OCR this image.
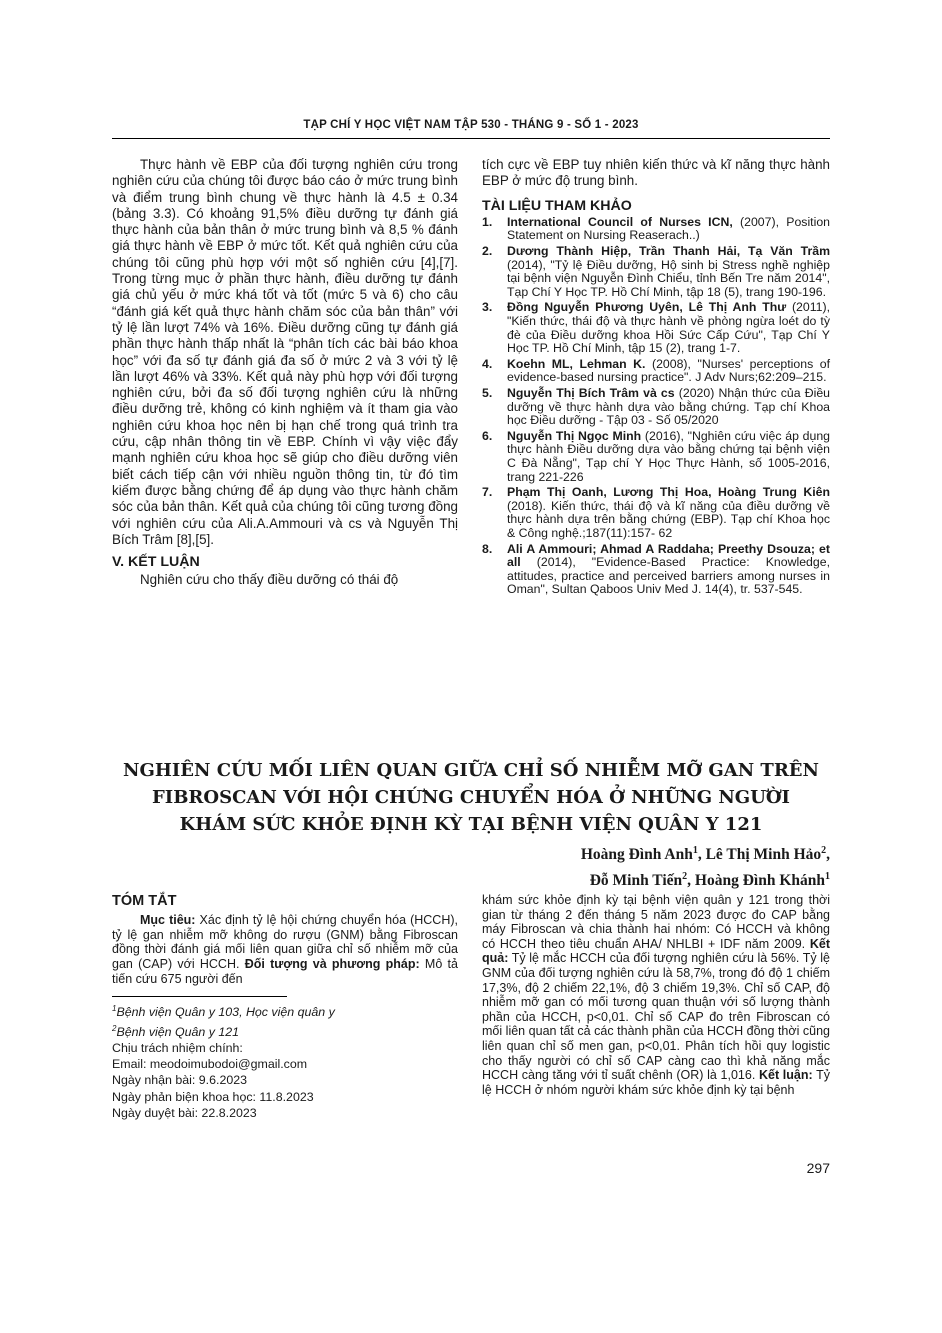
TẠP CHÍ Y HỌC VIỆT NAM TẬP 530 - THÁNG 9 - SỐ 1 - 2023

Thực hành về EBP của đối tượng nghiên cứu trong nghiên cứu của chúng tôi được báo cáo ở mức trung bình và điểm trung bình chung về thực hành là 4.5 ± 0.34 (bảng 3.3). Có khoảng 91,5% điều dưỡng tự đánh giá thực hành của bản thân ở mức trung bình và 8,5 % đánh giá thực hành về EBP ở mức tốt. Kết quả nghiên cứu của chúng tôi cũng phù hợp với một số nghiên cứu [4],[7]. Trong từng mục ở phần thực hành, điều dưỡng tự đánh giá chủ yếu ở mức khá tốt và tốt (mức 5 và 6) cho câu “đánh giá kết quả thực hành chăm sóc của bản thân” với tỷ lệ lần lượt 74% và 16%. Điều dưỡng cũng tự đánh giá phần thực hành thấp nhất là “phân tích các bài báo khoa học” với đa số tự đánh giá đa số ở mức 2 và 3 với tỷ lệ lần lượt 46% và 33%. Kết quả này phù hợp với đối tượng nghiên cứu, bởi đa số đối tượng nghiên cứu là những điều dưỡng trẻ, không có kinh nghiệm và ít tham gia vào nghiên cứu khoa học nên bị hạn chế trong quá trình tra cứu, cập nhân thông tin về EBP. Chính vì vậy việc đẩy mạnh nghiên cứu khoa học sẽ giúp cho điều dưỡng viên biết cách tiếp cận với nhiều nguồn thông tin, từ đó tìm kiếm được bằng chứng để áp dụng vào thực hành chăm sóc của bản thân. Kết quả của chúng tôi cũng tương đồng với nghiên cứu của Ali.A.Ammouri và cs và Nguyễn Thị Bích Trâm [8],[5].

V. KẾT LUẬN

Nghiên cứu cho thấy điều dưỡng có thái độ

tích cực về EBP tuy nhiên kiến thức và kĩ năng thực hành EBP ở mức độ trung bình.

TÀI LIỆU THAM KHẢO
1. International Council of Nurses ICN, (2007), Position Statement on Nursing Reaserach..)
2. Dương Thành Hiệp, Trần Thanh Hải, Tạ Văn Trầm (2014), "Tỷ lệ Điều dưỡng, Hộ sinh bị Stress nghề nghiệp tại bệnh viện Nguyễn Đình Chiểu, tỉnh Bến Tre năm 2014", Tạp Chí Y Học TP. Hồ Chí Minh, tập 18 (5), trang 190-196.
3. Đồng Nguyễn Phương Uyên, Lê Thị Anh Thư (2011), "Kiến thức, thái độ và thực hành về phòng ngừa loét do tỳ đè của Điều dưỡng khoa Hồi Sức Cấp Cứu", Tạp Chí Y Học TP. Hồ Chí Minh, tập 15 (2), trang 1-7.
4. Koehn ML, Lehman K. (2008), "Nurses' perceptions of evidence-based nursing practice". J Adv Nurs;62:209–215.
5. Nguyễn Thị Bích Trâm và cs (2020) Nhận thức của Điều dưỡng về thực hành dựa vào bằng chứng. Tạp chí Khoa học Điều dưỡng - Tập 03 - Số 05/2020
6. Nguyễn Thị Ngọc Minh (2016), "Nghiên cứu việc áp dụng thực hành Điều dưỡng dựa vào bằng chứng tại bệnh viện C Đà Nẵng", Tạp chí Y Học Thực Hành, số 1005-2016, trang 221-226
7. Phạm Thị Oanh, Lương Thị Hoa, Hoàng Trung Kiên (2018). Kiến thức, thái độ và kĩ năng của điều dưỡng về thực hành dựa trên bằng chứng (EBP). Tạp chí Khoa học & Công nghệ.;187(11):157- 62
8. Ali A Ammouri; Ahmad A Raddaha; Preethy Dsouza; et all (2014), "Evidence-Based Practice: Knowledge, attitudes, practice and perceived barriers among nurses in Oman", Sultan Qaboos Univ Med J. 14(4), tr. 537-545.
NGHIÊN CỨU MỐI LIÊN QUAN GIỮA CHỈ SỐ NHIỄM MỠ GAN TRÊN
FIBROSCAN VỚI HỘI CHỨNG CHUYỂN HÓA Ở NHỮNG NGƯỜI
KHÁM SỨC KHỎE ĐỊNH KỲ TẠI BỆNH VIỆN QUÂN Y 121
Hoàng Đình Anh$^1$, Lê Thị Minh Hảo$^2$,
Đỗ Minh Tiến$^2$, Hoàng Đình Khánh$^1$
TÓM TẮT

Mục tiêu: Xác định tỷ lệ hội chứng chuyển hóa (HCCH), tỷ lệ gan nhiễm mỡ không do rượu (GNM) bằng Fibroscan đồng thời đánh giá mối liên quan giữa chỉ số nhiễm mỡ của gan (CAP) với HCCH. Đối tượng và phương pháp: Mô tả tiến cứu 675 người đến

$^1$Bệnh viện Quân y 103, Học viện quân y

$^2$Bệnh viện Quân y 121

Chịu trách nhiệm chính:

Email: meodoimubodoi@gmail.com

Ngày nhận bài: 9.6.2023

Ngày phản biện khoa học: 11.8.2023

Ngày duyệt bài: 22.8.2023

khám sức khỏe định kỳ tại bệnh viện quân y 121 trong thời gian từ tháng 2 đến tháng 5 năm 2023 được đo CAP bằng máy Fibroscan và chia thành hai nhóm: Có HCCH và không có HCCH theo tiêu chuẩn AHA/ NHLBI + IDF năm 2009. Kết quả: Tỷ lệ mắc HCCH của đối tượng nghiên cứu là 56%. Tỷ lệ GNM của đối tượng nghiên cứu là 58,7%, trong đó độ 1 chiếm 17,3%, độ 2 chiếm 22,1%, độ 3 chiếm 19,3%. Chỉ số CAP, độ nhiễm mỡ gan có mối tương quan thuận với số lượng thành phần của HCCH, p<0,01. Chỉ số CAP đo trên Fibroscan có mối liên quan tất cả các thành phần của HCCH đồng thời cũng liên quan chỉ số men gan, p<0,01. Phân tích hồi quy logistic cho thấy người có chỉ số CAP càng cao thì khả năng mắc HCCH càng tăng với tỉ suất chênh (OR) là 1,016. Kết luận: Tỷ lệ HCCH ở nhóm người khám sức khỏe định kỳ tại bệnh

297
